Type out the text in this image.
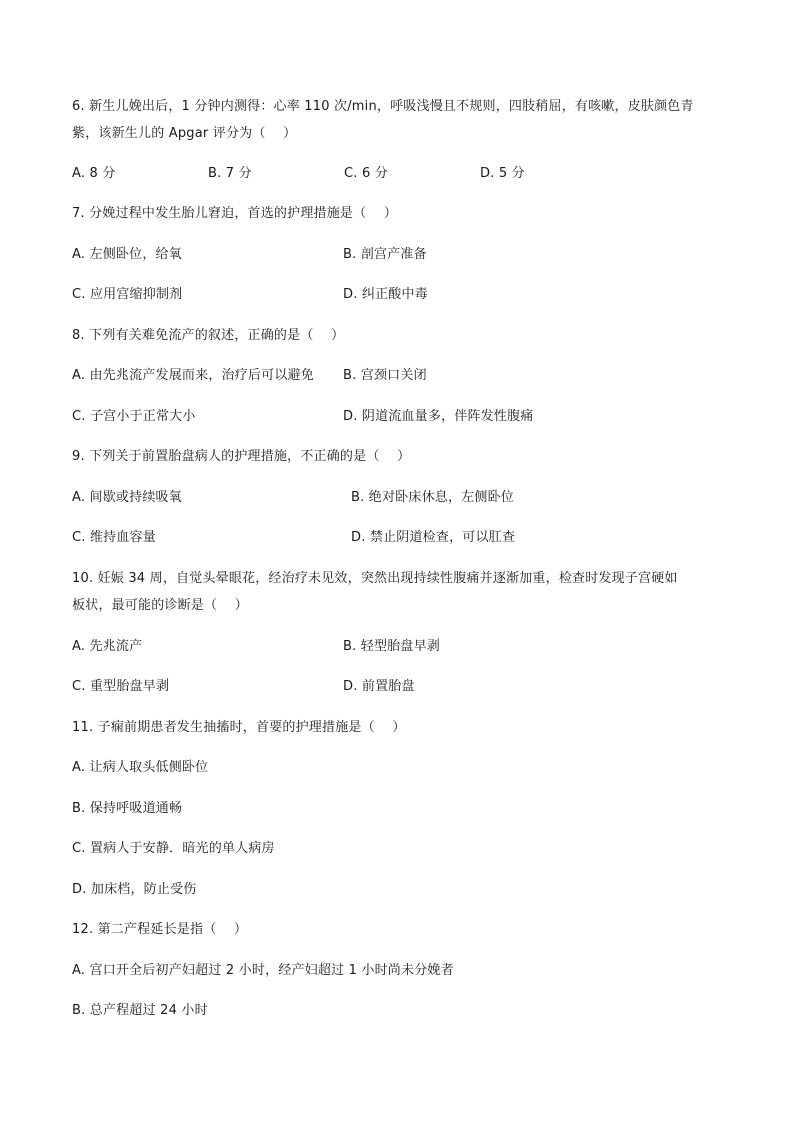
6. 新生儿娩出后，1 分钟内测得：心率 110 次/min，呼吸浅慢且不规则，四肢稍屈，有咳嗽，皮肤颜色青
紫，该新生儿的 Apgar 评分为（　 ）
A. 8 分	B. 7 分	C. 6 分	D. 5 分
7. 分娩过程中发生胎儿窘迫，首选的护理措施是（　 ）
A. 左侧卧位，给氧	B. 剖宫产准备
C. 应用宫缩抑制剂	D. 纠正酸中毒
8. 下列有关难免流产的叙述，正确的是（　 ）
A. 由先兆流产发展而来，治疗后可以避免 B. 宫颈口关闭
C. 子宫小于正常大小	D. 阴道流血量多，伴阵发性腹痛
9. 下列关于前置胎盘病人的护理措施，不正确的是（　 ）
A. 间歇或持续吸氧	B. 绝对卧床休息，左侧卧位
C. 维持血容量	D. 禁止阴道检查，可以肛查
10. 妊娠 34 周，自觉头晕眼花，经治疗未见效，突然出现持续性腹痛并逐渐加重，检查时发现子宫硬如
板状，最可能的诊断是（　 ）
A. 先兆流产	B. 轻型胎盘早剥
C. 重型胎盘早剥	D. 前置胎盘
11. 子痫前期患者发生抽搐时，首要的护理措施是（　 ）
A. 让病人取头低侧卧位
B. 保持呼吸道通畅
C. 置病人于安静．暗光的单人病房
D. 加床档，防止受伤
12. 第二产程延长是指（　 ）
A. 宫口开全后初产妇超过 2 小时，经产妇超过 1 小时尚未分娩者
B. 总产程超过 24 小时
